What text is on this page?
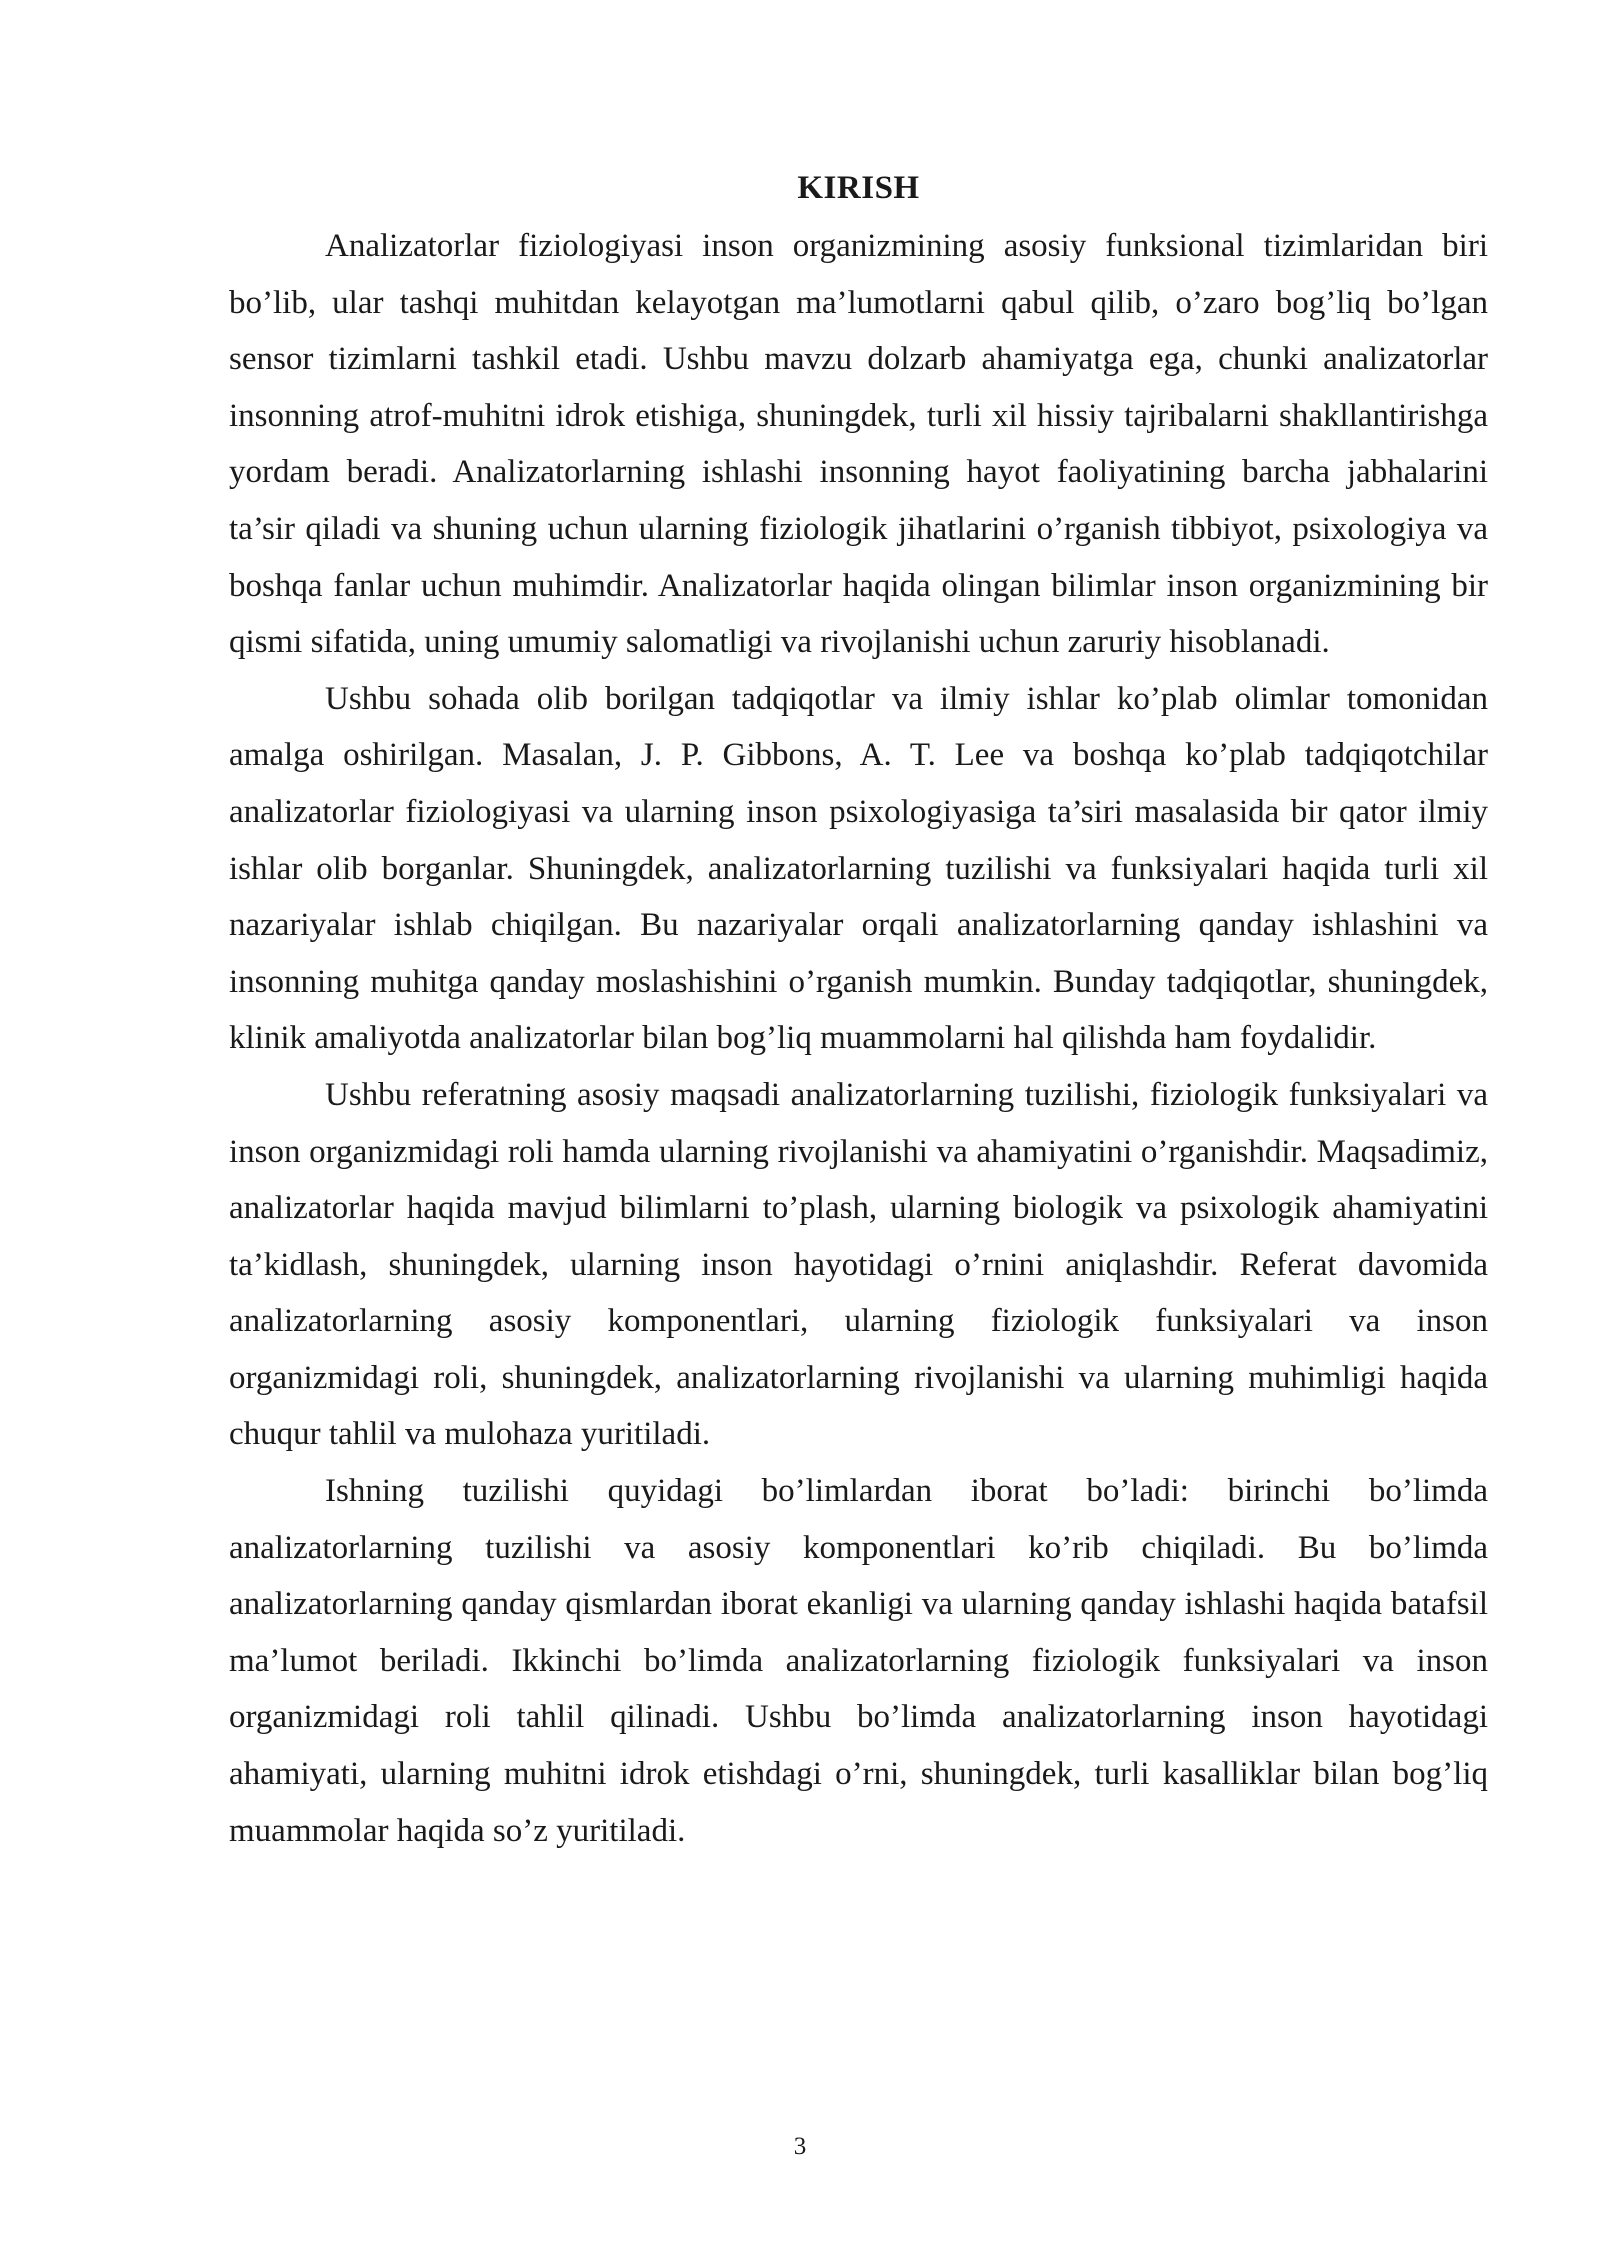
KIRISH

Analizatorlar fiziologiyasi inson organizmining asosiy funksional tizimlaridan biri bo’lib, ular tashqi muhitdan kelayotgan ma’lumotlarni qabul qilib, o’zaro bog’liq bo’lgan sensor tizimlarni tashkil etadi. Ushbu mavzu dolzarb ahamiyatga ega, chunki analizatorlar insonning atrof-muhitni idrok etishiga, shuningdek, turli xil hissiy tajribalarni shakllantirishga yordam beradi. Analizatorlarning ishlashi insonning hayot faoliyatining barcha jabhalarini ta’sir qiladi va shuning uchun ularning fiziologik jihatlarini o’rganish tibbiyot, psixologiya va boshqa fanlar uchun muhimdir. Analizatorlar haqida olingan bilimlar inson organizmining bir qismi sifatida, uning umumiy salomatligi va rivojlanishi uchun zaruriy hisoblanadi.

Ushbu sohada olib borilgan tadqiqotlar va ilmiy ishlar ko’plab olimlar tomonidan amalga oshirilgan. Masalan, J. P. Gibbons, A. T. Lee va boshqa ko’plab tadqiqotchilar analizatorlar fiziologiyasi va ularning inson psixologiyasiga ta’siri masalasida bir qator ilmiy ishlar olib borganlar. Shuningdek, analizatorlarning tuzilishi va funksiyalari haqida turli xil nazariyalar ishlab chiqilgan. Bu nazariyalar orqali analizatorlarning qanday ishlashini va insonning muhitga qanday moslashishini o’rganish mumkin. Bunday tadqiqotlar, shuningdek, klinik amaliyotda analizatorlar bilan bog’liq muammolarni hal qilishda ham foydalidir.

Ushbu referatning asosiy maqsadi analizatorlarning tuzilishi, fiziologik funksiyalari va inson organizmidagi roli hamda ularning rivojlanishi va ahamiyatini o’rganishdir. Maqsadimiz, analizatorlar haqida mavjud bilimlarni to’plash, ularning biologik va psixologik ahamiyatini ta’kidlash, shuningdek, ularning inson hayotidagi o’rnini aniqlashdir. Referat davomida analizatorlarning asosiy komponentlari, ularning fiziologik funksiyalari va inson organizmidagi roli, shuningdek, analizatorlarning rivojlanishi va ularning muhimligi haqida chuqur tahlil va mulohaza yuritiladi.

Ishning tuzilishi quyidagi bo’limlardan iborat bo’ladi: birinchi bo’limda analizatorlarning tuzilishi va asosiy komponentlari ko’rib chiqiladi. Bu bo’limda analizatorlarning qanday qismlardan iborat ekanligi va ularning qanday ishlashi haqida batafsil ma’lumot beriladi. Ikkinchi bo’limda analizatorlarning fiziologik funksiyalari va inson organizmidagi roli tahlil qilinadi. Ushbu bo’limda analizatorlarning inson hayotidagi ahamiyati, ularning muhitni idrok etishdagi o’rni, shuningdek, turli kasalliklar bilan bog’liq muammolar haqida so’z yuritiladi.

3
